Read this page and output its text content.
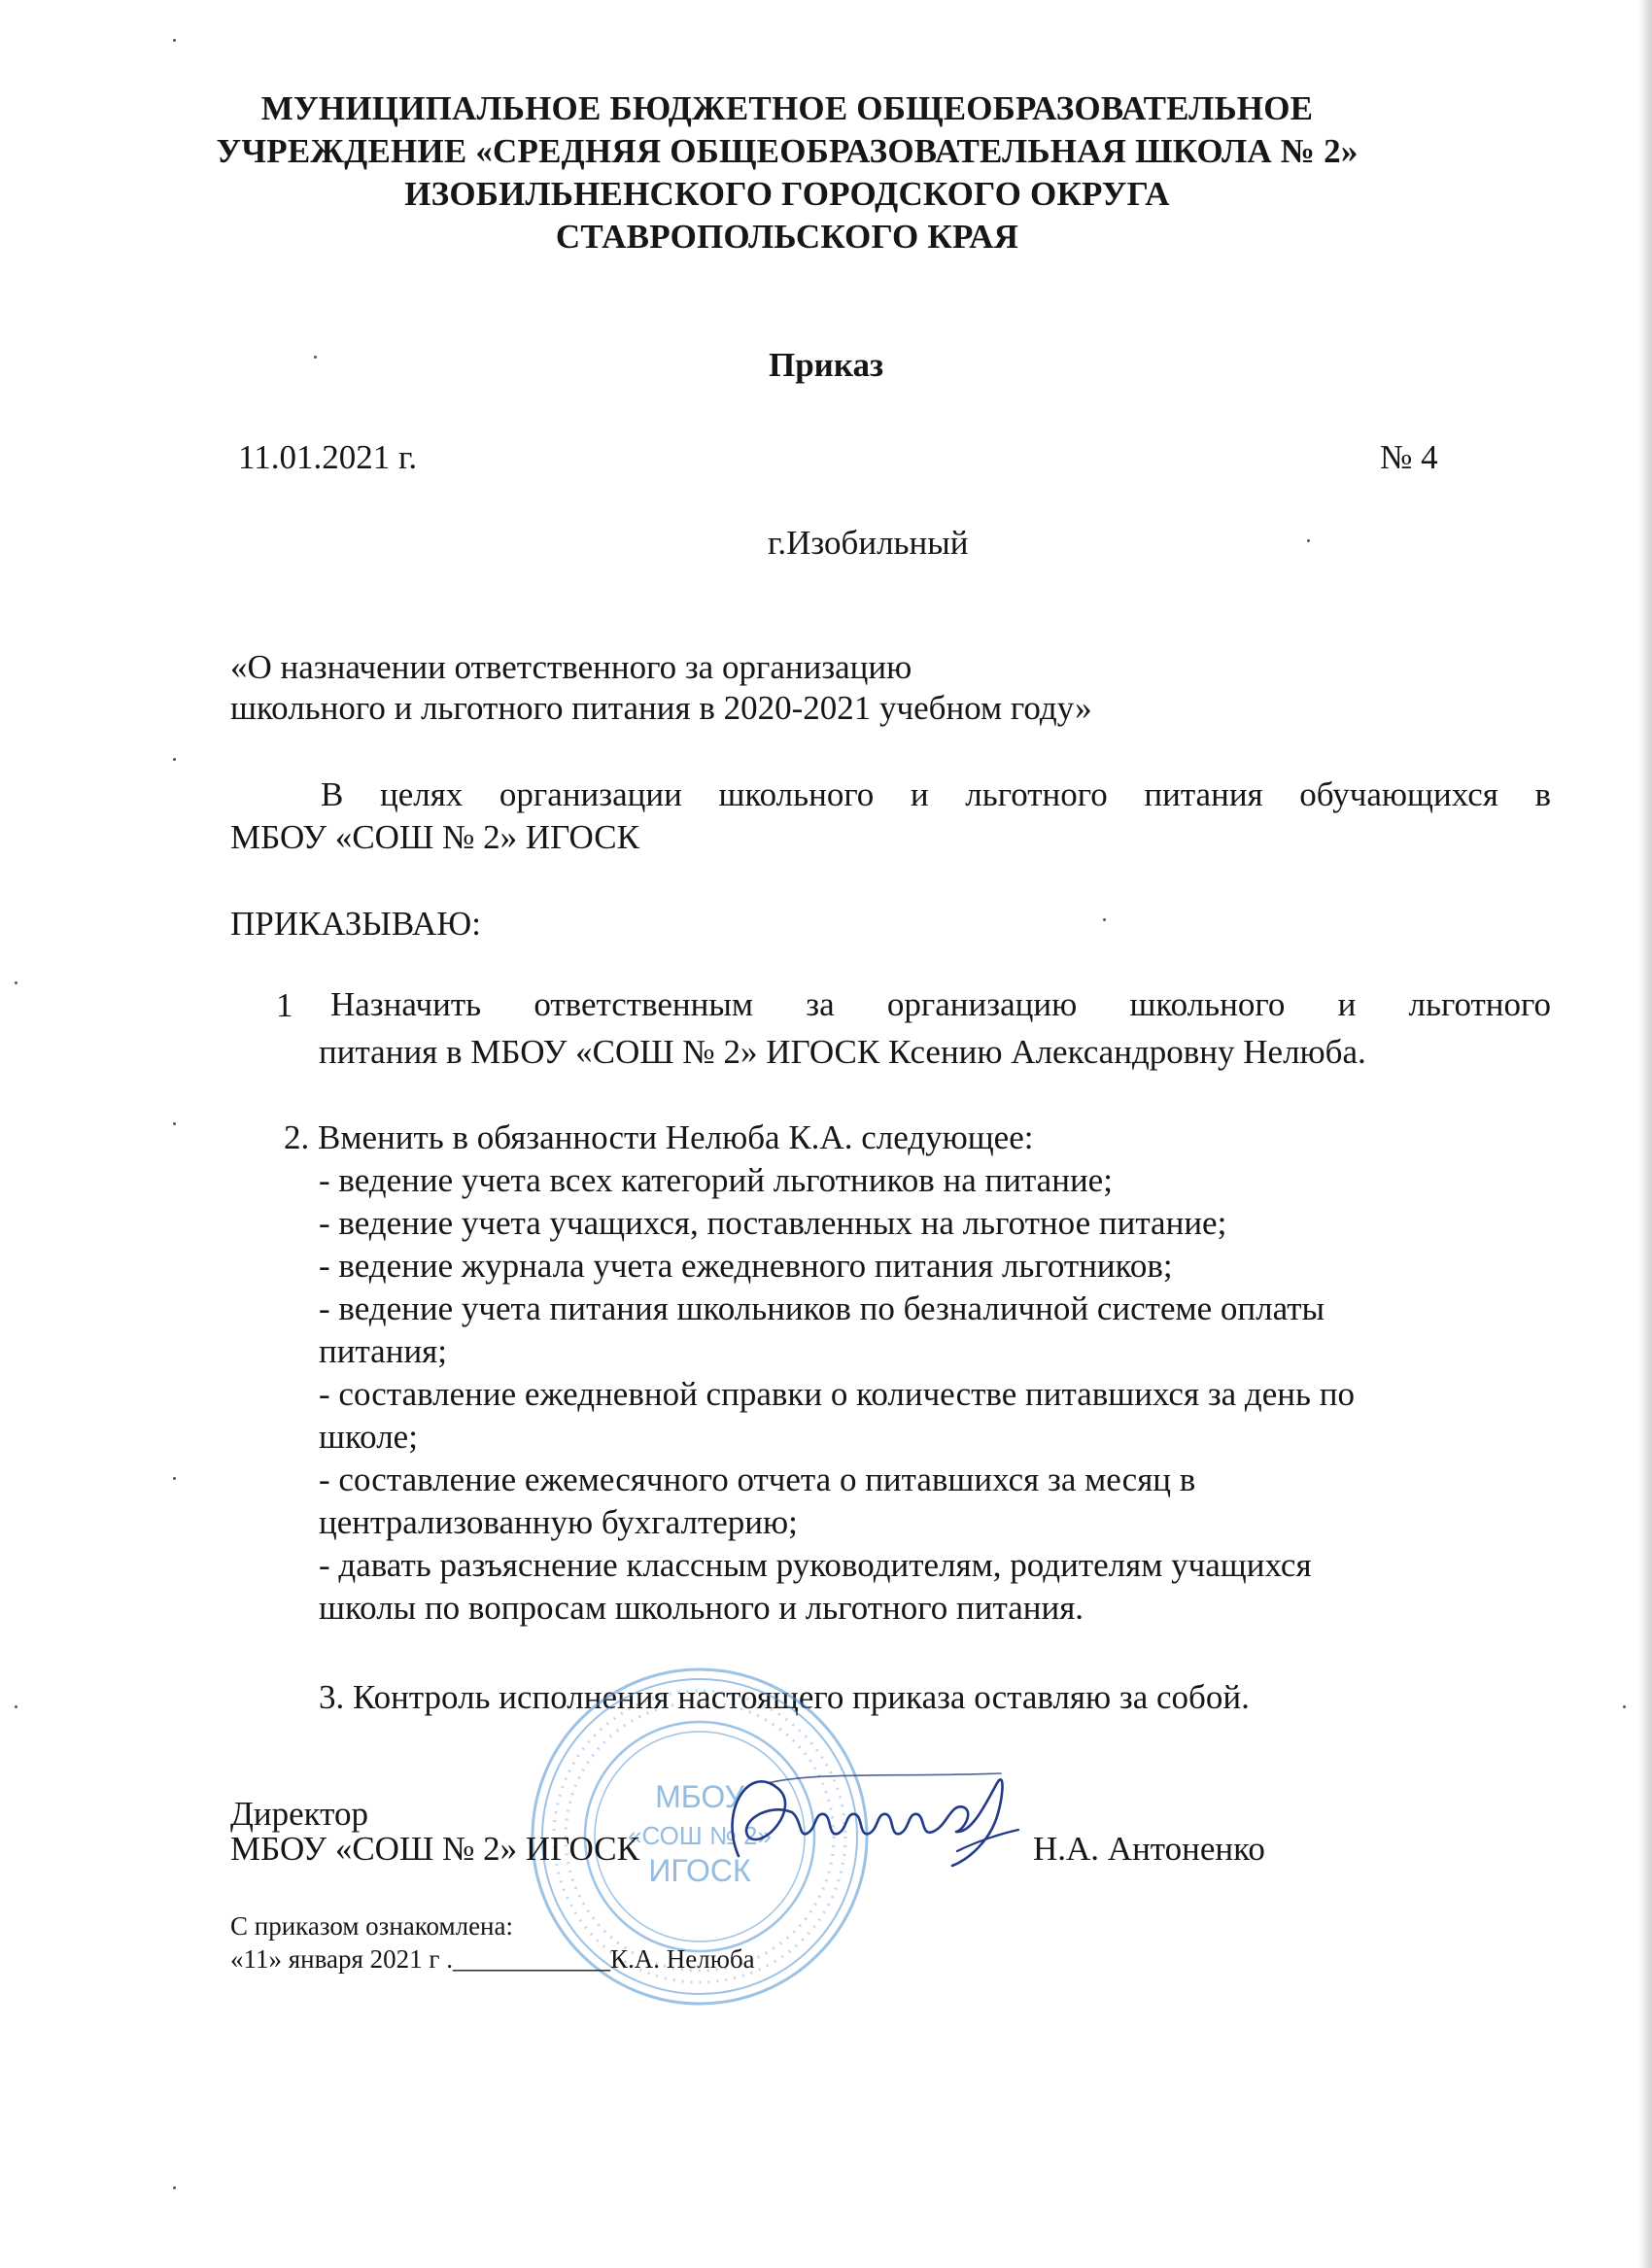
МУНИЦИПАЛЬНОЕ БЮДЖЕТНОЕ ОБЩЕОБРАЗОВАТЕЛЬНОЕ
УЧРЕЖДЕНИЕ «СРЕДНЯЯ ОБЩЕОБРАЗОВАТЕЛЬНАЯ ШКОЛА № 2»
ИЗОБИЛЬНЕНСКОГО ГОРОДСКОГО ОКРУГА
СТАВРОПОЛЬСКОГО КРАЯ
Приказ
11.01.2021 г.	№ 4
г.Изобильный
«О назначении ответственного за организацию
школьного и льготного питания в 2020-2021 учебном году»
В целях организации школьного и льготного питания обучающихся в
МБОУ «СОШ № 2» ИГОСК
ПРИКАЗЫВАЮ:
1 Назначить ответственным за организацию школьного и льготного
питания в МБОУ «СОШ № 2» ИГОСК Ксению Александровну Нелюба.
2. Вменить в обязанности Нелюба К.А. следующее:
- ведение учета всех категорий льготников на питание;
- ведение учета учащихся, поставленных на льготное питание;
- ведение журнала учета ежедневного питания льготников;
- ведение учета питания школьников по безналичной системе оплаты
питания;
- составление ежедневной справки о количестве питавшихся за день по
школе;
- составление ежемесячного отчета о питавшихся за месяц в
централизованную бухгалтерию;
- давать разъяснение классным руководителям, родителям учащихся
школы по вопросам школьного и льготного питания.
3. Контроль исполнения настоящего приказа оставляю за собой.
МБОУ
«СОШ № 2»
ИГОСК
Директор
МБОУ «СОШ № 2» ИГОСК	Н.А. Антоненко
С приказом ознакомлена:
«11» января 2021 г .____________К.А. Нелюба
